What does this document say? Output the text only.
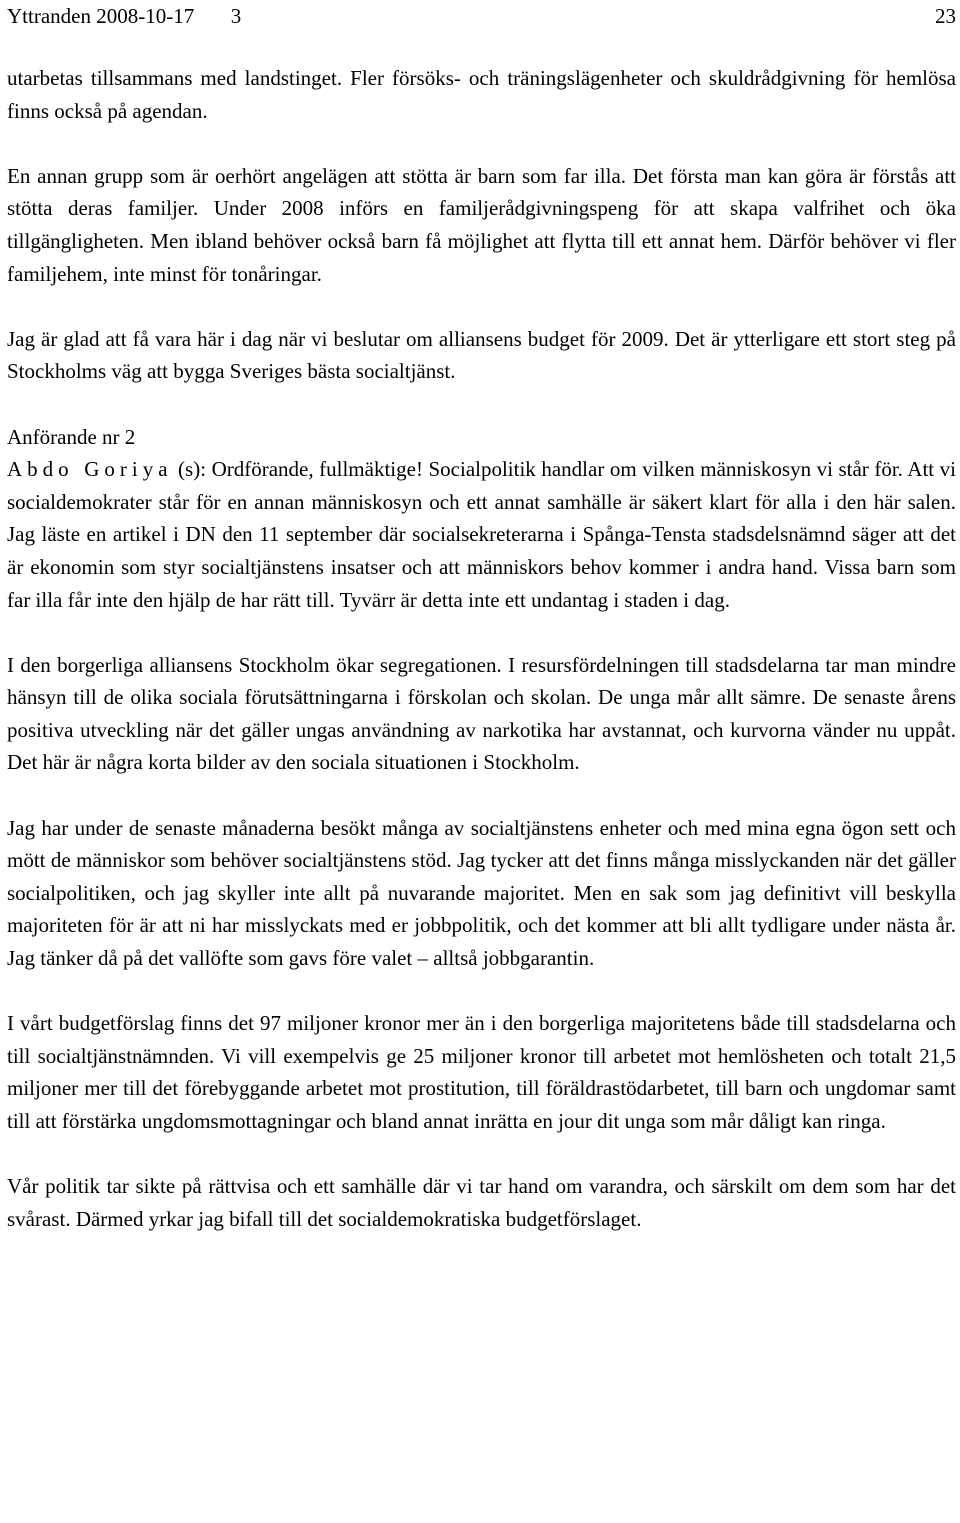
Yttranden 2008-10-17 3	23

utarbetas tillsammans med landstinget. Fler försöks- och träningslägenheter och skuldrådgivning för hemlösa finns också på agendan.

En annan grupp som är oerhört angelägen att stötta är barn som far illa. Det första man kan göra är förstås att stötta deras familjer. Under 2008 införs en familjerådgivningspeng för att skapa valfrihet och öka tillgängligheten. Men ibland behöver också barn få möjlighet att flytta till ett annat hem. Därför behöver vi fler familjehem, inte minst för tonåringar.

Jag är glad att få vara här i dag när vi beslutar om alliansens budget för 2009. Det är ytterligare ett stort steg på Stockholms väg att bygga Sveriges bästa socialtjänst.

Anförande nr 2

Abdo Goriya (s): Ordförande, fullmäktige! Socialpolitik handlar om vilken människosyn vi står för. Att vi socialdemokrater står för en annan människosyn och ett annat samhälle är säkert klart för alla i den här salen. Jag läste en artikel i DN den 11 september där socialsekreterarna i Spånga-Tensta stadsdelsnämnd säger att det är ekonomin som styr socialtjänstens insatser och att människors behov kommer i andra hand. Vissa barn som far illa får inte den hjälp de har rätt till. Tyvärr är detta inte ett undantag i staden i dag.

I den borgerliga alliansens Stockholm ökar segregationen. I resursfördelningen till stadsdelarna tar man mindre hänsyn till de olika sociala förutsättningarna i förskolan och skolan. De unga mår allt sämre. De senaste årens positiva utveckling när det gäller ungas användning av narkotika har avstannat, och kurvorna vänder nu uppåt. Det här är några korta bilder av den sociala situationen i Stockholm.

Jag har under de senaste månaderna besökt många av socialtjänstens enheter och med mina egna ögon sett och mött de människor som behöver socialtjänstens stöd. Jag tycker att det finns många misslyckanden när det gäller socialpolitiken, och jag skyller inte allt på nuvarande majoritet. Men en sak som jag definitivt vill beskylla majoriteten för är att ni har misslyckats med er jobbpolitik, och det kommer att bli allt tydligare under nästa år. Jag tänker då på det vallöfte som gavs före valet – alltså jobbgarantin.

I vårt budgetförslag finns det 97 miljoner kronor mer än i den borgerliga majoritetens både till stadsdelarna och till socialtjänstnämnden. Vi vill exempelvis ge 25 miljoner kronor till arbetet mot hemlösheten och totalt 21,5 miljoner mer till det förebyggande arbetet mot prostitution, till föräldrastödarbetet, till barn och ungdomar samt till att förstärka ungdomsmottagningar och bland annat inrätta en jour dit unga som mår dåligt kan ringa.

Vår politik tar sikte på rättvisa och ett samhälle där vi tar hand om varandra, och särskilt om dem som har det svårast. Därmed yrkar jag bifall till det socialdemokratiska budgetförslaget.
